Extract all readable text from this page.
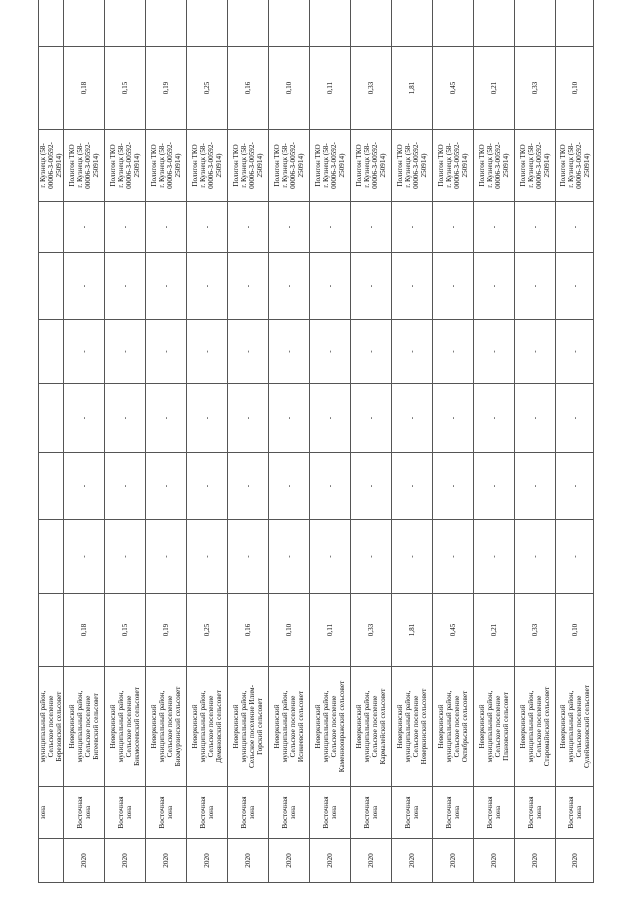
	зона	муниципальный район,
Сельское поселение
Березовский сельсовет								г. Кузнецк (58-
00006-З-00592-
250914)		
2020	Восточная
зона	Неверкинский
муниципальный район,
Сельское поселение
Бигеевский сельсовет	0,18	-	-	-	-	-	-	Полигон ТКО
г. Кузнецк (58-
00006-З-00592-
250914)	0,18	
2020	Восточная
зона	Неверкинский
муниципальный район,
Сельское поселение
Бикмосеевский сельсовет	0,15	-	-	-	-	-	-	Полигон ТКО
г. Кузнецк (58-
00006-З-00592-
250914)	0,15	
2020	Восточная
зона	Неверкинский
муниципальный район,
Сельское поселение
Бикмурзинский сельсовет	0,19	-	-	-	-	-	-	Полигон ТКО
г. Кузнецк (58-
00006-З-00592-
250914)	0,19	
2020	Восточная
зона	Неверкинский
муниципальный район,
Сельское поселение
Демяновский сельсовет	0,25	-	-	-	-	-	-	Полигон ТКО
г. Кузнецк (58-
00006-З-00592-
250914)	0,25	
2020	Восточная
зона	Неверкинский
муниципальный район,
Сельское поселение Илим-
Горский сельсовет	0,16	-	-	-	-	-	-	Полигон ТКО
г. Кузнецк (58-
00006-З-00592-
250914)	0,16	
2020	Восточная
зона	Неверкинский
муниципальный район,
Сельское поселение
Исикеевский сельсовет	0,10	-	-	-	-	-	-	Полигон ТКО
г. Кузнецк (58-
00006-З-00592-
250914)	0,10	
2020	Восточная
зона	Неверкинский
муниципальный район,
Сельское поселение
Каменноовражский сельсовет	0,11	-	-	-	-	-	-	Полигон ТКО
г. Кузнецк (58-
00006-З-00592-
250914)	0,11	
2020	Восточная
зона	Неверкинский
муниципальный район,
Сельское поселение
Кармалейский сельсовет	0,33	-	-	-	-	-	-	Полигон ТКО
г. Кузнецк (58-
00006-З-00592-
250914)	0,33	
2020	Восточная
зона	Неверкинский
муниципальный район,
Сельское поселение
Неверкинский сельсовет	1,81	-	-	-	-	-	-	Полигон ТКО
г. Кузнецк (58-
00006-З-00592-
250914)	1,81	
2020	Восточная
зона	Неверкинский
муниципальный район,
Сельское поселение
Октябрьский сельсовет	0,45	-	-	-	-	-	-	Полигон ТКО
г. Кузнецк (58-
00006-З-00592-
250914)	0,45	
2020	Восточная
зона	Неверкинский
муниципальный район,
Сельское поселение
Плановский сельсовет	0,21	-	-	-	-	-	-	Полигон ТКО
г. Кузнецк (58-
00006-З-00592-
250914)	0,21	
2020	Восточная
зона	Неверкинский
муниципальный район,
Сельское поселение
Старомайнский сельсовет	0,33	-	-	-	-	-	-	Полигон ТКО
г. Кузнецк (58-
00006-З-00592-
250914)	0,33	
2020	Восточная
зона	Неверкинский
муниципальный район,
Сельское поселение
Сулеймановский сельсовет	0,10	-	-	-	-	-	-	Полигон ТКО
г. Кузнецк (58-
00006-З-00592-
250914)	0,10	
